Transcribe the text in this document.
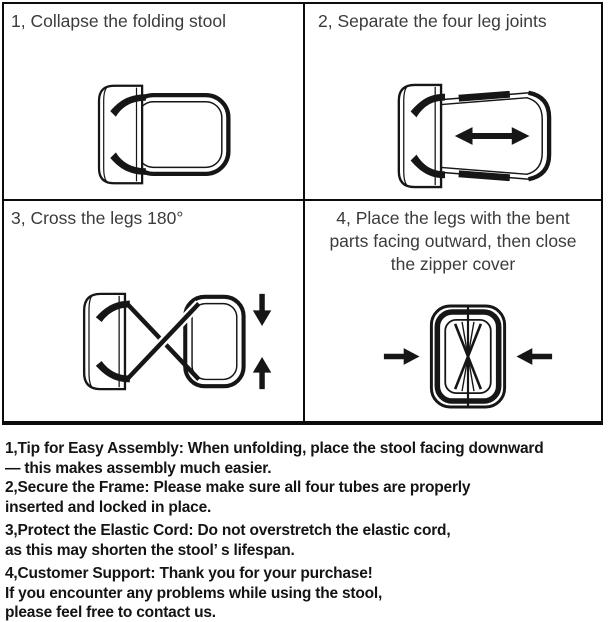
1, Collapse the folding stool	2, Separate the four leg joints
3, Cross the legs 180°	4, Place the legs with the bent
parts facing outward, then close
the zipper cover
1,Tip for Easy Assembly: When unfolding, place the stool facing downward
— this makes assembly much easier.
2,Secure the Frame: Please make sure all four tubes are properly
inserted and locked in place.
3,Protect the Elastic Cord: Do not overstretch the elastic cord,
as this may shorten the stool’ s lifespan.
4,Customer Support: Thank you for your purchase!
If you encounter any problems while using the stool,
please feel free to contact us.
